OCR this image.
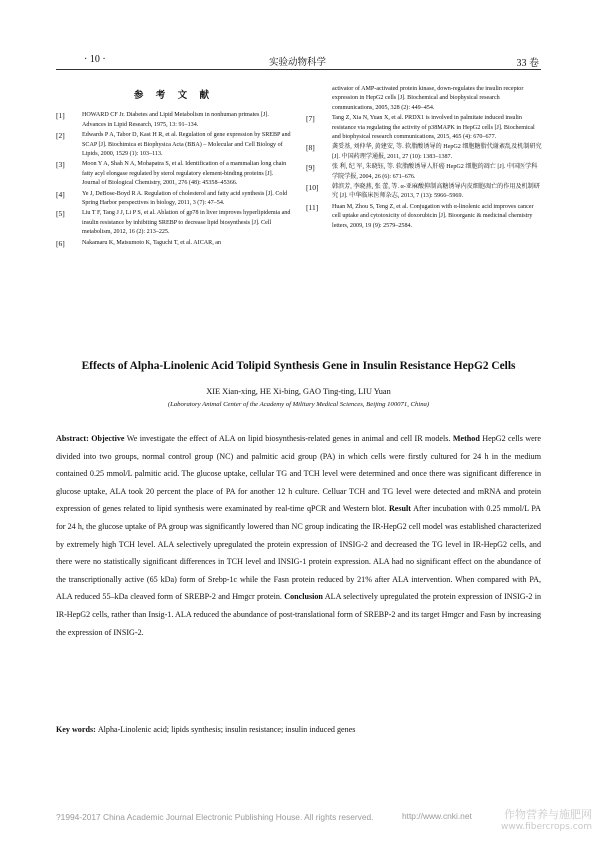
· 10 ·	实验动物科学	33 卷
参 考 文 献
[1]	HOWARD CF Jr. Diabetes and Lipid Metabolism in nonhuman primates [J]. Advances in Lipid Research, 1975, 13: 91–134.
[2]	Edwards P A, Tabor D, Kast H R, et al. Regulation of gene expression by SREBP and SCAP [J]. Biochimica et Biophysica Acta (BBA) – Molecular and Cell Biology of Lipids, 2000, 1529 (1): 103–113.
[3]	Moon Y A, Shah N A, Mohapatra S, et al. Identification of a mammalian long chain fatty acyl elongase regulated by sterol regulatory element-binding proteins [J]. Journal of Biological Chemistry, 2001, 276 (48): 45358–45366.
[4]	Ye J, DeBose-Boyd R A. Regulation of cholesterol and fatty acid synthesis [J]. Cold Spring Harbor perspectives in biology, 2011, 3 (7): 47–54.
[5]	Liu T F, Tang J J, Li P S, et al. Ablation of gp78 in liver improves hyperlipidemia and insulin resistance by inhibiting SREBP to decrease lipid biosynthesis [J]. Cell metabolism, 2012, 16 (2): 213–225.
[6]	Nakamaru K, Matsumoto K, Taguchi T, et al. AICAR, an
activator of AMP-activated protein kinase, down-regulates the insulin receptor expression in HepG2 cells [J]. Biochemical and biophysical research communications, 2005, 328 (2): 449–454.
[7]	Tang Z, Xia N, Yuan X, et al. PRDX1 is involved in palmitate induced insulin resistance via regulating the activity of p38MAPK in HepG2 cells [J]. Biochemical and biophysical research communications, 2015, 465 (4): 670–677.
[8]	龚妥基, 刘仲华, 黄建安, 等. 软脂酸诱导的 HepG2 细胞糖脂代谢紊乱及机制研究 [J]. 中国药理学通报, 2011, 27 (10): 1383–1387.
[9]	张 利, 纪 军, 朱晓钰, 等. 软脂酸诱导人肝癌 HepG2 细胞的凋亡 [J]. 中国医学科学院学报, 2004, 26 (6): 671–676.
[10]	韩滨芳, 李晓燕, 张 蕾, 等. α-亚麻酸抑制高糖诱导内皮细胞凋亡的作用及机制研究 [J]. 中华临床医师杂志, 2013, 7 (13): 5966–5969.
[11]	Huan M, Zhou S, Teng Z, et al. Conjugation with α-linolenic acid improves cancer cell uptake and cytotoxicity of doxorubicin [J]. Bioorganic & medicinal chemistry letters, 2009, 19 (9): 2579–2584.
Effects of Alpha-Linolenic Acid Tolipid Synthesis Gene in Insulin Resistance HepG2 Cells
XIE Xian-xing, HE Xi-bing, GAO Ting-ting, LIU Yuan
(Laboratory Animal Center of the Academy of Military Medical Sciences, Beijing 100071, China)
Abstract: Objective We investigate the effect of ALA on lipid biosynthesis-related genes in animal and cell IR models. Method HepG2 cells were divided into two groups, normal control group (NC) and palmitic acid group (PA) in which cells were firstly cultured for 24 h in the medium contained 0.25 mmol/L palmitic acid. The glucose uptake, cellular TG and TCH level were determined and once there was significant difference in glucose uptake, ALA took 20 percent the place of PA for another 12 h culture. Celluar TCH and TG level were detected and mRNA and protein expression of genes related to lipid synthesis were examinated by real-time qPCR and Western blot. Result After incubation with 0.25 mmol/L PA for 24 h, the glucose uptake of PA group was significantly lowered than NC group indicating the IR-HepG2 cell model was established characterized by extremely high TCH level. ALA selectively upregulated the protein expression of INSIG-2 and decreased the TG level in IR-HepG2 cells, and there were no statistically significant differences in TCH level and INSIG-1 protein expression. ALA had no significant effect on the abundance of the transcriptionally active (65 kDa) form of Srebp-1c while the Fasn protein reduced by 21% after ALA intervention. When compared with PA, ALA reduced 55–kDa cleaved form of SREBP-2 and Hmgcr protein. Conclusion ALA selectively upregulated the protein expression of INSIG-2 in IR-HepG2 cells, rather than Insig-1. ALA reduced the abundance of post-translational form of SREBP-2 and its target Hmgcr and Fasn by increasing the expression of INSIG-2.
Key words: Alpha-Linolenic acid; lipids synthesis; insulin resistance; insulin induced genes
?1994-2017 China Academic Journal Electronic Publishing House. All rights reserved.	http://www.cnki.net	作物营养与施肥网
www.fibercrops.com
